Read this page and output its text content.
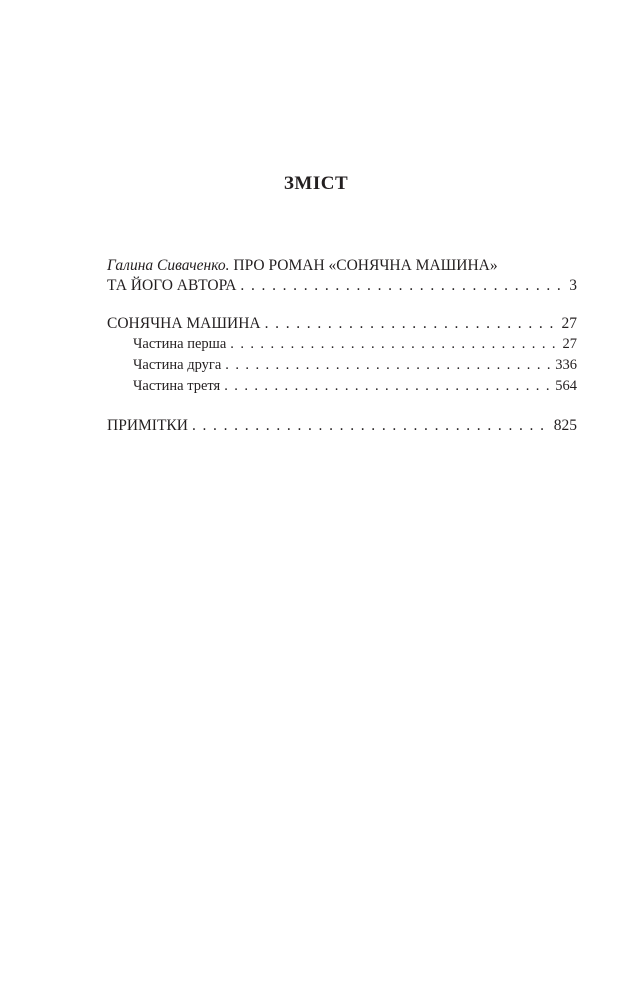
ЗМІСТ
Галина Сиваченко. ПРО РОМАН «СОНЯЧНА МАШИНА»
ТА ЙОГО АВТОРА . . .	3
СОНЯЧНА МАШИНА . . .	27
Частина перша . . .	27
Частина друга . . .	336
Частина третя . . .	564
ПРИМІТКИ . . .	825
